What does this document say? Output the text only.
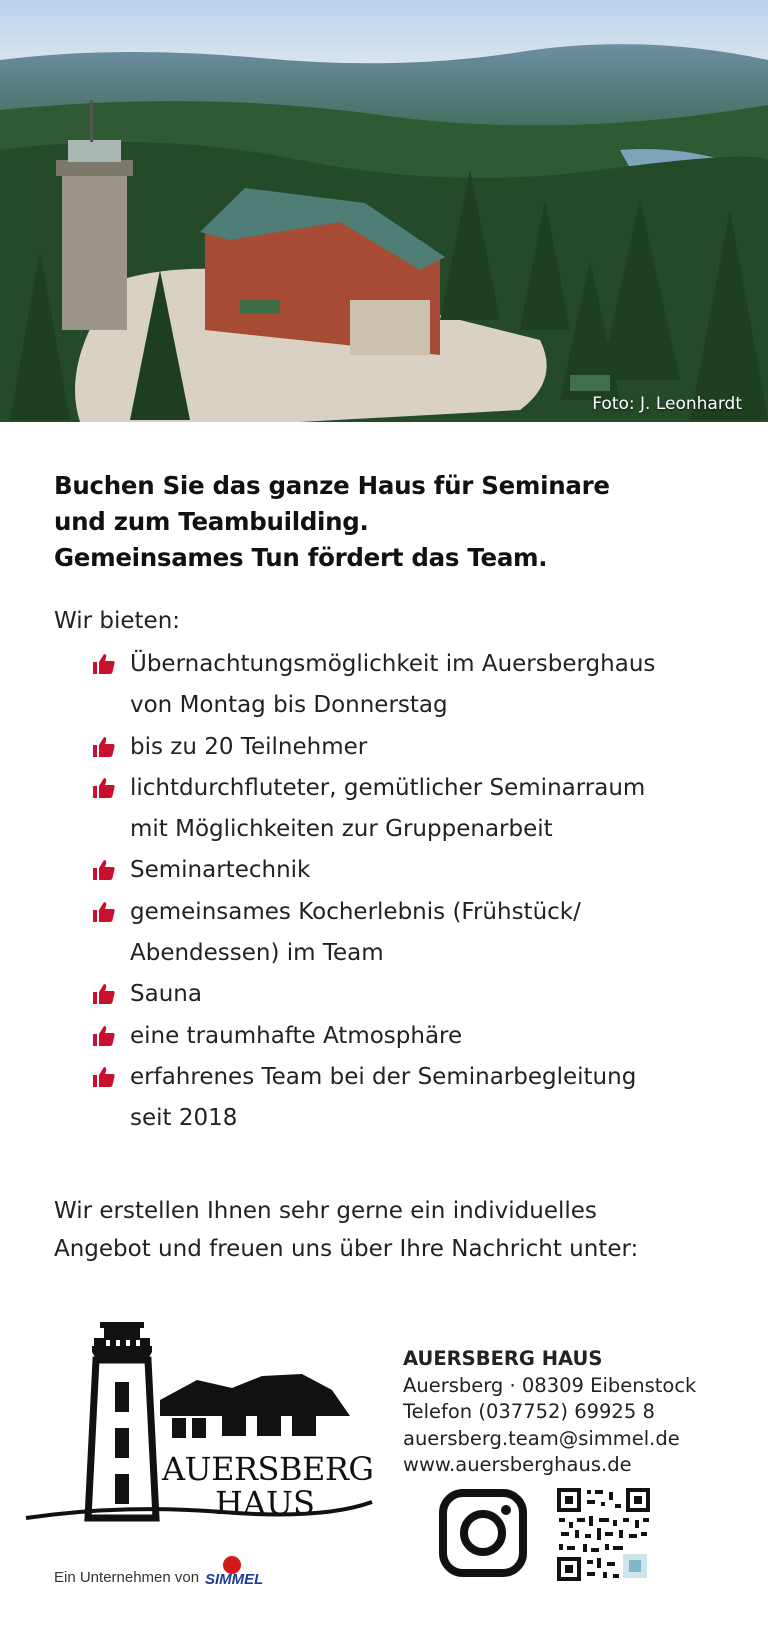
Foto: J. Leonhardt
Buchen Sie das ganze Haus für Seminare
und zum Teambuilding.
Gemeinsames Tun fördert das Team.
Wir bieten:
Übernachtungsmöglichkeit im Auersberghaus
von Montag bis Donnerstag
bis zu 20 Teilnehmer
lichtdurchfluteter, gemütlicher Seminarraum
mit Möglichkeiten zur Gruppenarbeit
Seminartechnik
gemeinsames Kocherlebnis (Frühstück/
Abendessen) im Team
Sauna
eine traumhafte Atmosphäre
erfahrenes Team bei der Seminarbegleitung
seit 2018
Wir erstellen Ihnen sehr gerne ein individuelles
Angebot und freuen uns über Ihre Nachricht unter:
AUERSBERG
HAUS
Ein Unternehmen von SIMMEL
AUERSBERG HAUS
Auersberg · 08309 Eibenstock
Telefon (037752) 69925 8
auersberg.team@simmel.de
www.auersberghaus.de
